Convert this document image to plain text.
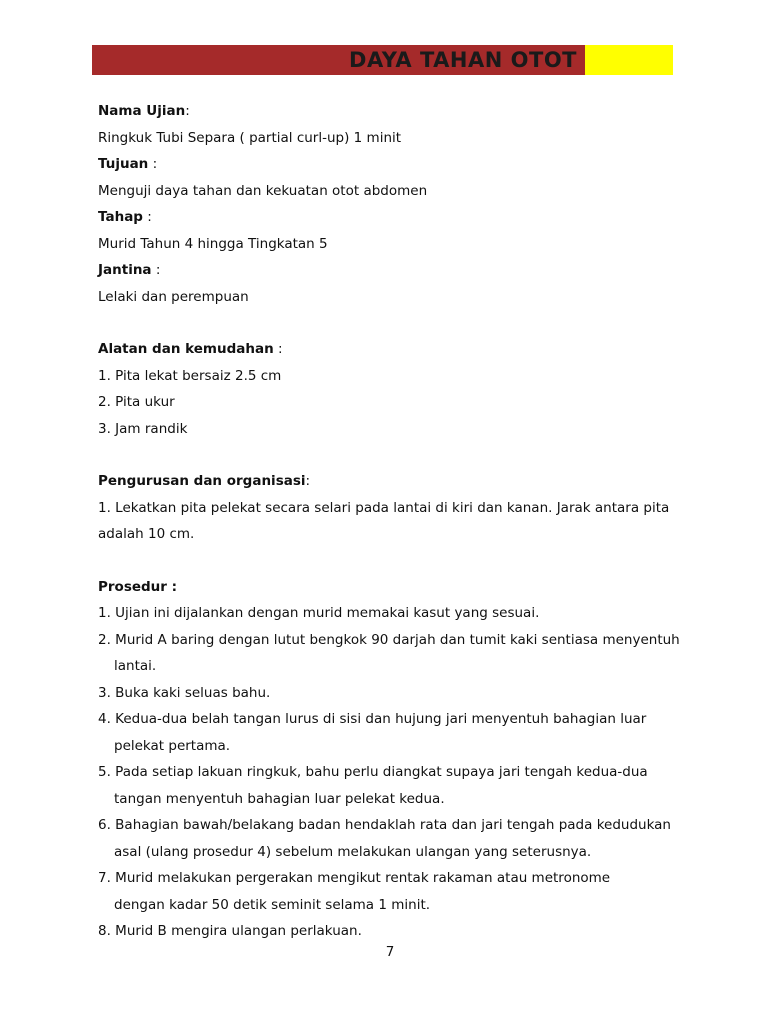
DAYA TAHAN OTOT
Nama Ujian:
Ringkuk Tubi Separa ( partial curl-up) 1 minit
Tujuan :
Menguji daya tahan dan kekuatan otot abdomen
Tahap :
Murid Tahun 4 hingga Tingkatan 5
Jantina :
Lelaki dan perempuan
Alatan dan kemudahan :
1. Pita lekat bersaiz 2.5 cm
2. Pita ukur
3. Jam randik
Pengurusan dan organisasi:
1. Lekatkan pita pelekat secara selari pada lantai di kiri dan kanan. Jarak antara pita
adalah 10 cm.
Prosedur :
1. Ujian ini dijalankan dengan murid memakai kasut yang sesuai.
2. Murid A baring dengan lutut bengkok 90 darjah dan tumit kaki sentiasa menyentuh
lantai.
3. Buka kaki seluas bahu.
4. Kedua-dua belah tangan lurus di sisi dan hujung jari menyentuh bahagian luar
pelekat pertama.
5. Pada setiap lakuan ringkuk, bahu perlu diangkat supaya jari tengah kedua-dua
tangan menyentuh bahagian luar pelekat kedua.
6. Bahagian bawah/belakang badan hendaklah rata dan jari tengah pada kedudukan
asal (ulang prosedur 4) sebelum melakukan ulangan yang seterusnya.
7. Murid melakukan pergerakan mengikut rentak rakaman atau metronome
dengan kadar 50 detik seminit selama 1 minit.
8. Murid B mengira ulangan perlakuan.
7
